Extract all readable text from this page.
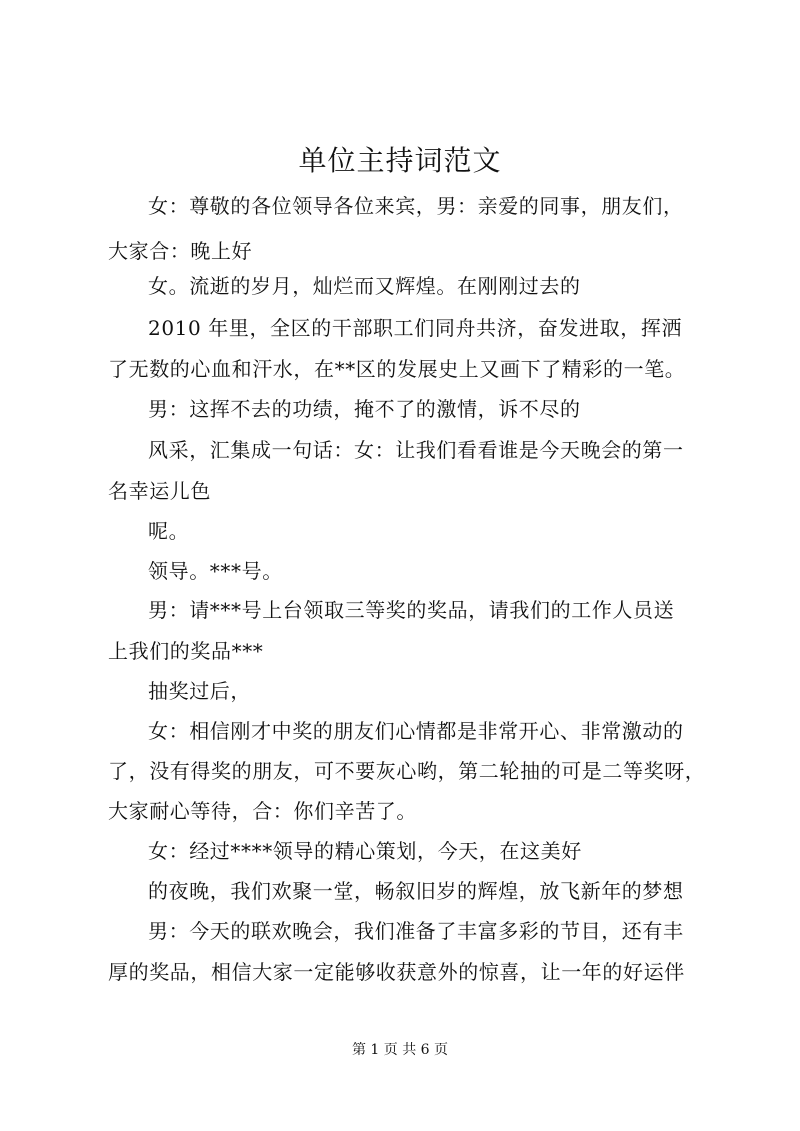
单位主持词范文
女：尊敬的各位领导各位来宾，男：亲爱的同事，朋友们，
大家合：晚上好
女。流逝的岁月，灿烂而又辉煌。在刚刚过去的
2010 年里，全区的干部职工们同舟共济，奋发进取，挥洒
了无数的心血和汗水，在**区的发展史上又画下了精彩的一笔。
男：这挥不去的功绩，掩不了的激情，诉不尽的
风采，汇集成一句话：女：让我们看看谁是今天晚会的第一
名幸运儿色
呢。
领导。***号。
男：请***号上台领取三等奖的奖品，请我们的工作人员送
上我们的奖品***
抽奖过后，
女：相信刚才中奖的朋友们心情都是非常开心、非常激动的
了，没有得奖的朋友，可不要灰心哟，第二轮抽的可是二等奖呀，
大家耐心等待，合：你们辛苦了。
女：经过****领导的精心策划，今天，在这美好
的夜晚，我们欢聚一堂，畅叙旧岁的辉煌，放飞新年的梦想
男：今天的联欢晚会，我们准备了丰富多彩的节目，还有丰
厚的奖品，相信大家一定能够收获意外的惊喜，让一年的好运伴
第 1 页 共 6 页
